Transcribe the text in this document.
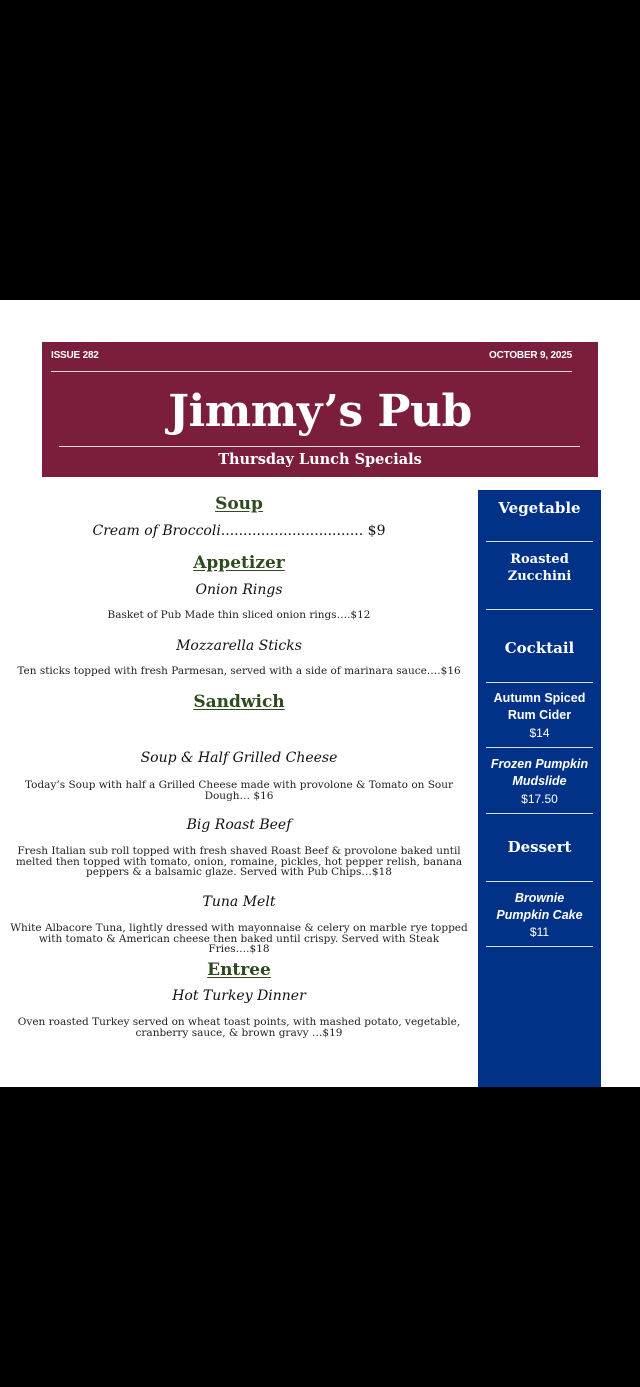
ISSUE 282	OCTOBER 9, 2025
Jimmy’s Pub
Thursday Lunch Specials
Soup
Cream of Broccoli................................ $9
Appetizer
Onion Rings
Basket of Pub Made thin sliced onion rings….$12
Mozzarella Sticks
Ten sticks topped with fresh Parmesan, served with a side of marinara sauce….$16
Sandwich
Soup & Half Grilled Cheese
Today’s Soup with half a Grilled Cheese made with provolone & Tomato on Sour Dough… $16
Big Roast Beef
Fresh Italian sub roll topped with fresh shaved Roast Beef & provolone baked until melted then topped with tomato, onion, romaine, pickles, hot pepper relish, banana peppers & a balsamic glaze. Served with Pub Chips…$18
Tuna Melt
White Albacore Tuna, lightly dressed with mayonnaise & celery on marble rye topped with tomato & American cheese then baked until crispy. Served with Steak Fries….$18
Entree
Hot Turkey Dinner
Oven roasted Turkey served on wheat toast points, with mashed potato, vegetable, cranberry sauce, & brown gravy …$19
Vegetable
Roasted Zucchini
Cocktail
Autumn Spiced Rum Cider
$14
Frozen Pumpkin Mudslide
$17.50
Dessert
Brownie Pumpkin Cake
$11
